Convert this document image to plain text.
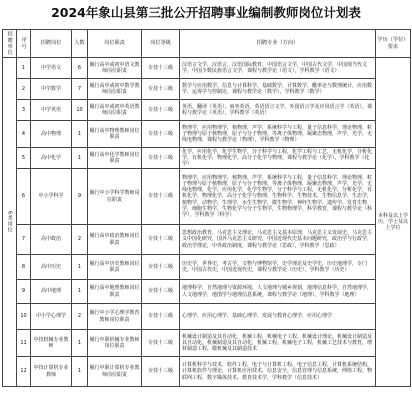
2024年象山县第三批公开招聘事业编制教师岗位计划表
招聘单位	序号	招聘岗位	人数	岗位职责	岗位等级	招聘专业（方向）	学历（学位）要求

6类岗位	1	中学语文	6	履行高中或初中语文教师岗位职责	专技十三级	汉语言文学，汉语言，汉语国际教育，中国语言文学，中国古代文学，中国现当代文学，中国少数民族语言文学，课程与教学论（语文），学科教学（语文）	本科及以上学历，学士及以上学位
	2	中学数学	7	履行高中或初中数学教师岗位职责	专技十三级	数学与应用数学，信息与计算科学，基础数学，计算数学，概率论与数理统计，应用数学，运筹学与控制论，课程与教学论（数学），学科教学（数学）	
	3	中学英语	10	履行高中或初中英语教师岗位职责	专技十三级	英语，翻译（英语），商务英语，英语语言文学，外国语言学及应用语言学（英语），课程与教学论（英语），学科教学（英语）	
	4	高中物理	1	履行高中物理教师岗位职责	专技十三级	物理学，应用物理学，核物理，声学，系统科学与工程，量子信息科学，理论物理，粒子物理与原子核物理，原子与分子物理，等离子体物理，凝聚态物理，声学，光学，无线电物理，课程与教学论（物理），学科教学（物理）	
	5	高中化学	1	履行高中化学教师岗位职责	专技十三级	化学，应用化学，化学生物学，分子科学与工程，化学工程与工艺，无机化学，分析化学，有机化学，物理化学，高分子化学与物理，课程与教学论（化学），学科教学（化学）	
	6	中小学科学	9	履行中小学科学教师岗位职责	专技十三级	物理学，应用物理学，核物理，声学，系统科学与工程，量子信息科学，理论物理，粒子物理与原子核物理，原子与分子物理，等离子体物理，凝聚态物理，声学，光学，无线电物理，化学，应用化学，化学生物学，分子科学与工程，无机化学，分析化学，有机化学，物理化学，高分子化学与物理，生物科学，生物技术，生物信息学，生态学，植物学，动物学，生理学，水生生物学，微生物学，神经生物学，遗传学，发育生物学，细胞生物学，生物化学与分子生物学，生物物理学，科学教育，课程与教学论（科学），学科教学（科学）	
	7	高中政治	2	履行高中政治教师岗位职责	专技十三级	思想政治教育，马克思主义理论，马克思主义基本原理，马克思主义发展史，马克思主义中国化研究，国外马克思主义研究，中国近现代史基本问题研究，政治学与行政学，政治学理论，中外政治制度，课程与教学论（思政），学科教学（思政）	
	8	高中历史	1	履行高中历史教师岗位职责	专技十三级	历史学，世界史，考古学，文物与博物馆学，史学理论及史学史，历史地理学，专门史，中国古代史，中国近现代史，课程与教学论（历史），学科教学（历史）	
	9	高中地理	1	履行高中地理教师岗位职责	专技十三级	地理科学，自然地理与资源环境，人文地理与城乡规划，地理信息科学，自然地理学，人文地理学，地图学与地理信息系统，课程与教学论（地理），学科教学（地理）	
	10	中小学心理学	2	履行中小学心理学教育教师岗位职责	专技十三级	心理学，应用心理学，基础心理学，发展与教育心理学，应用心理学	
	11	中技机械专业教师	1	履行中职机械专业教师岗位职责	专技十三级	机械设计制造及其自动化，机械工程，机械电子工程，机械设计理论，机械设计制造及其自动化，机械制造及其自动化，机械工程，机械电子工程，机械工艺技术与教育，增材制造工程，微机械及其制造技术	
	12	中技计算机专业教师	1	履行中职计算机专业教师岗位职责	专技十三级	计算机科学与技术，软件工程，电子与计算机工程，电子信息工程，计算机系统结构，计算机软件与理论，计算机应用技术，信息安全，信息管理与信息系统，网络工程，物联网工程，数字媒体技术，教育技术学，学科教学（信息技术）	
